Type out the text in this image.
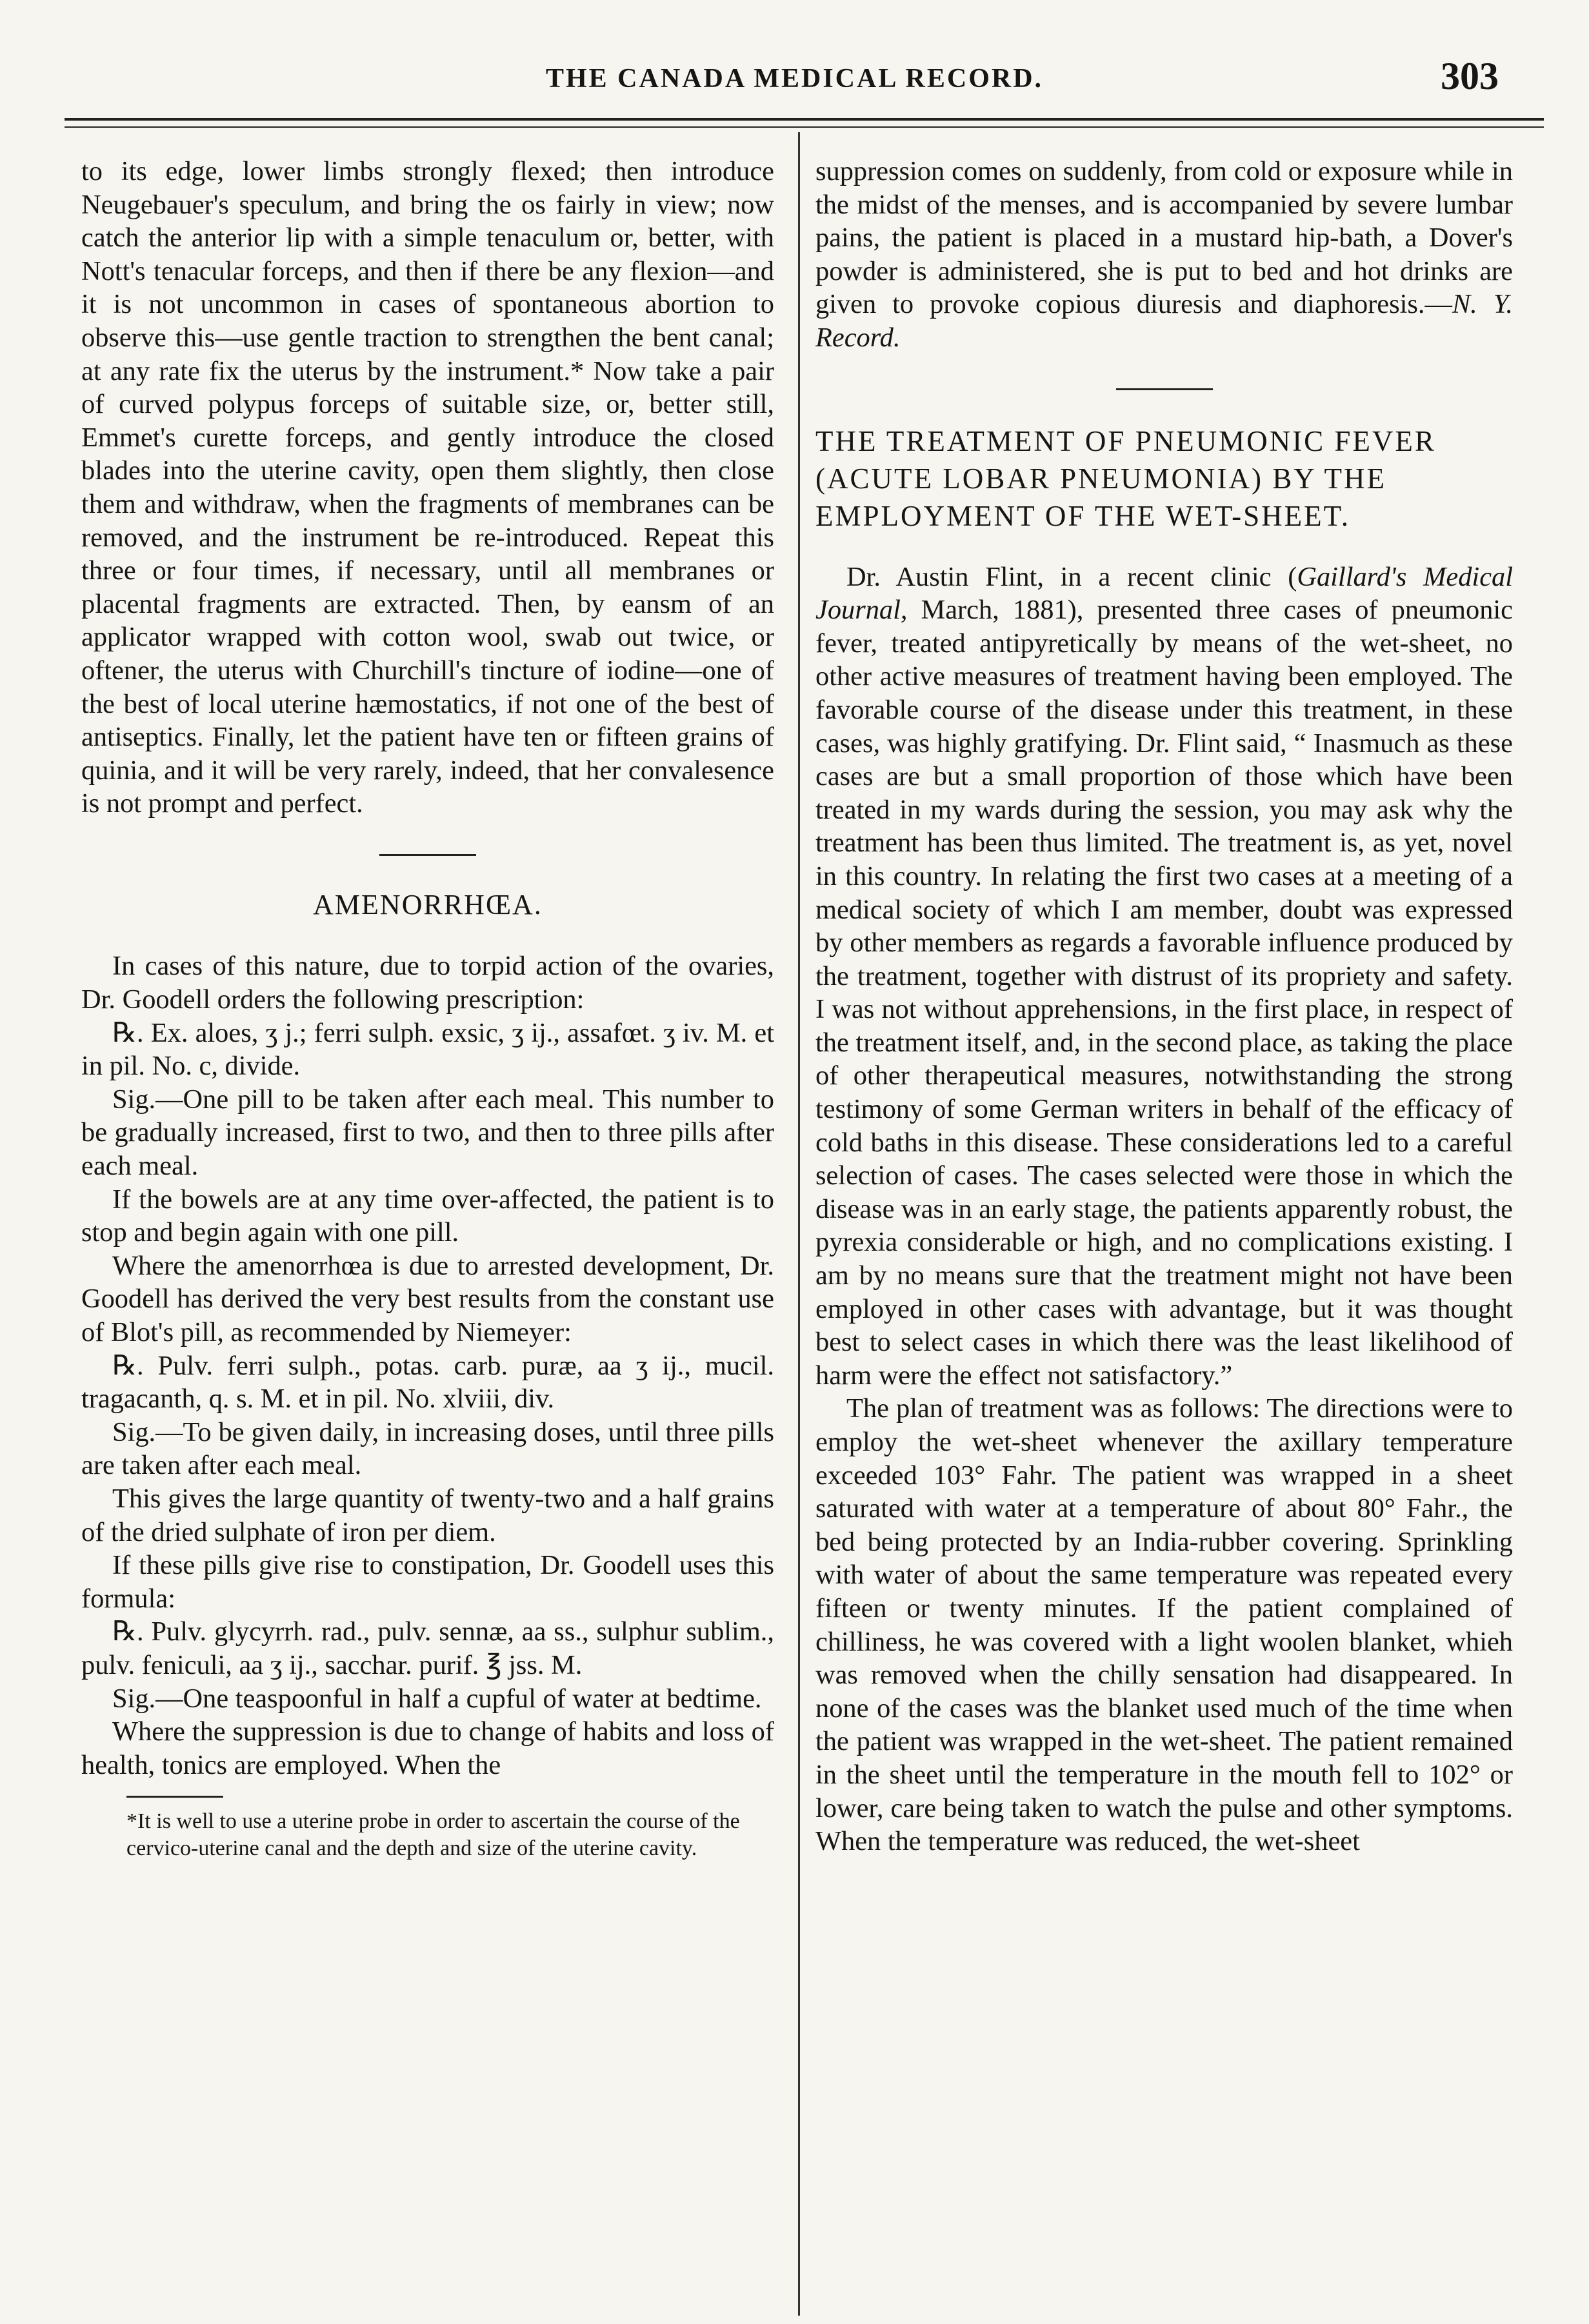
THE CANADA MEDICAL RECORD.	303

to its edge, lower limbs strongly flexed; then introduce Neugebauer's speculum, and bring the os fairly in view; now catch the anterior lip with a simple tenaculum or, better, with Nott's tenacular forceps, and then if there be any flexion—and it is not uncommon in cases of spontaneous abortion to observe this—use gentle traction to strengthen the bent canal; at any rate fix the uterus by the instrument.* Now take a pair of curved polypus forceps of suitable size, or, better still, Emmet's curette forceps, and gently introduce the closed blades into the uterine cavity, open them slightly, then close them and withdraw, when the fragments of membranes can be removed, and the instrument be re-introduced. Repeat this three or four times, if necessary, until all membranes or placental fragments are extracted. Then, by eansm of an applicator wrapped with cotton wool, swab out twice, or oftener, the uterus with Churchill's tincture of iodine—one of the best of local uterine hæmostatics, if not one of the best of antiseptics. Finally, let the patient have ten or fifteen grains of quinia, and it will be very rarely, indeed, that her convalesence is not prompt and perfect.

AMENORRHŒA.

In cases of this nature, due to torpid action of the ovaries, Dr. Goodell orders the following prescription:

℞. Ex. aloes, ʒ j.; ferri sulph. exsic, ʒ ij., assafœt. ʒ iv. M. et in pil. No. c, divide.

Sig.—One pill to be taken after each meal. This number to be gradually increased, first to two, and then to three pills after each meal.

If the bowels are at any time over-affected, the patient is to stop and begin again with one pill.

Where the amenorrhœa is due to arrested development, Dr. Goodell has derived the very best results from the constant use of Blot's pill, as recommended by Niemeyer:

℞. Pulv. ferri sulph., potas. carb. puræ, aa ʒ ij., mucil. tragacanth, q. s. M. et in pil. No. xlviii, div.

Sig.—To be given daily, in increasing doses, until three pills are taken after each meal.

This gives the large quantity of twenty-two and a half grains of the dried sulphate of iron per diem.

If these pills give rise to constipation, Dr. Goodell uses this formula:

℞. Pulv. glycyrrh. rad., pulv. sennæ, aa ss., sulphur sublim., pulv. feniculi, aa ʒ ij., sacchar. purif. ℥ jss. M.

Sig.—One teaspoonful in half a cupful of water at bedtime.

Where the suppression is due to change of habits and loss of health, tonics are employed. When the

*It is well to use a uterine probe in order to ascertain the course of the cervico-uterine canal and the depth and size of the uterine cavity.

suppression comes on suddenly, from cold or exposure while in the midst of the menses, and is accompanied by severe lumbar pains, the patient is placed in a mustard hip-bath, a Dover's powder is administered, she is put to bed and hot drinks are given to provoke copious diuresis and diaphoresis.—N. Y. Record.

THE TREATMENT OF PNEUMONIC FEVER (ACUTE LOBAR PNEUMONIA) BY THE EMPLOYMENT OF THE WET-SHEET.

Dr. Austin Flint, in a recent clinic (Gaillard's Medical Journal, March, 1881), presented three cases of pneumonic fever, treated antipyretically by means of the wet-sheet, no other active measures of treatment having been employed. The favorable course of the disease under this treatment, in these cases, was highly gratifying. Dr. Flint said, “ Inasmuch as these cases are but a small proportion of those which have been treated in my wards during the session, you may ask why the treatment has been thus limited. The treatment is, as yet, novel in this country. In relating the first two cases at a meeting of a medical society of which I am member, doubt was expressed by other members as regards a favorable influence produced by the treatment, together with distrust of its propriety and safety. I was not without apprehensions, in the first place, in respect of the treatment itself, and, in the second place, as taking the place of other therapeutical measures, notwithstanding the strong testimony of some German writers in behalf of the efficacy of cold baths in this disease. These considerations led to a careful selection of cases. The cases selected were those in which the disease was in an early stage, the patients apparently robust, the pyrexia considerable or high, and no complications existing. I am by no means sure that the treatment might not have been employed in other cases with advantage, but it was thought best to select cases in which there was the least likelihood of harm were the effect not satisfactory.”

The plan of treatment was as follows: The directions were to employ the wet-sheet whenever the axillary temperature exceeded 103° Fahr. The patient was wrapped in a sheet saturated with water at a temperature of about 80° Fahr., the bed being protected by an India-rubber covering. Sprinkling with water of about the same temperature was repeated every fifteen or twenty minutes. If the patient complained of chilliness, he was covered with a light woolen blanket, whieh was removed when the chilly sensation had disappeared. In none of the cases was the blanket used much of the time when the patient was wrapped in the wet-sheet. The patient remained in the sheet until the temperature in the mouth fell to 102° or lower, care being taken to watch the pulse and other symptoms. When the temperature was reduced, the wet-sheet
